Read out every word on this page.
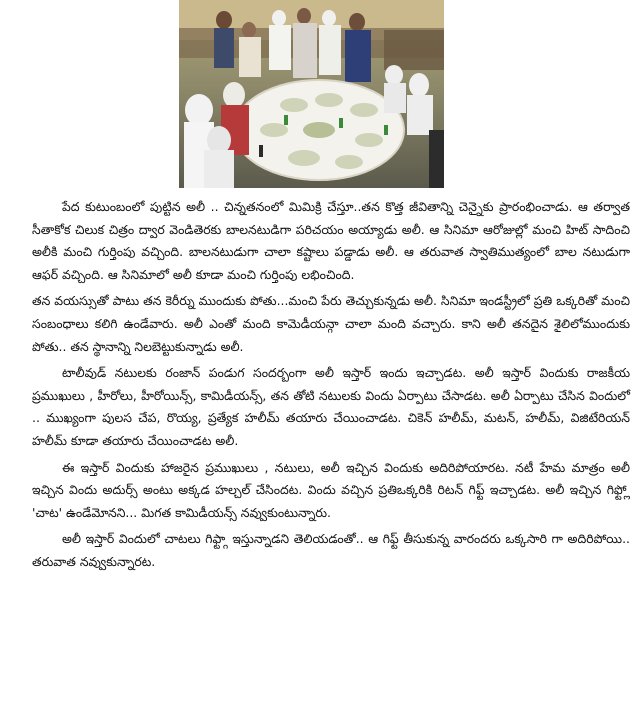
పేద కుటుంబంలో పుట్టిన అలీ .. చిన్నతనంలో మిమిక్రి చేస్తూ..తన కొత్త జీవితాన్ని చెన్నైకు ప్రారంభించాడు. ఆ తర్వాత సీతాకోక చిలుక చిత్రం ద్వార వెండితెరకు బాలనటుడిగా పరిచయం అయ్యాడు అలీ. ఆ సినిమా ఆరోజుల్లో మంచి హిట్ సాదించి అలీకి మంచి గుర్తింపు వచ్చింది. బాలనటుడుగా చాలా కష్టాలు పడ్డాడు అలీ. ఆ తరువాత స్వాతిముత్యంలో బాల నటుడుగా ఆఫర్ వచ్చింది. ఆ సినిమాలో అలీ కూడా మంచి గుర్తింపు లభించింది.

తన వయస్సుతో పాటు తన కెరీర్ను ముందుకు పోతు...మంచి పేరు తెచ్చుకున్నడు అలీ. సినిమా ఇండస్ట్రీలో ప్రతి ఒక్కరితో మంచి సంబంధాలు కలిగి ఉండేవారు. అలీ ఎంతో మంది కామెడీయన్గా చాలా మంది వచ్చారు. కాని అలీ తనదైన శైలిలోముందుకు పోతు.. తన స్థానాన్ని నిలబెట్టుకున్నాడు అలీ.

టాలీవుడ్ నటులకు రంజాన్ పండుగ సందర్బంగా అలీ ఇస్తార్ ఇందు ఇచ్చాడట. అలీ ఇస్తార్ విందుకు రాజకీయ ప్రముఖులు , హీరోలు, హీరోయిన్స్, కామిడీయన్స్, తన తోటి నటులకు విందు ఏర్పాటు చేసాడట. అలీ ఏర్పాటు చేసిన విందులో .. ముఖ్యంగా పులస చేప, రొయ్య, ప్రత్యేక హలీమ్ తయారు చేయించాడట. చికెన్ హలీమ్, మటన్, హలీమ్, విజిటేరియన్ హలీమ్ కూడా తయారు చేయించాడట అలీ.

ఈ ఇస్తార్ విందుకు హాజరైన ప్రముఖులు , నటులు, అలీ ఇచ్చిన విందుకు అదిరిపోయారట. నటీ హేమ మాత్రం అలీ ఇచ్చిన విందు అదుర్స్ అంటు అక్కడ హల్చల్ చేసిందట. విందు వచ్చిన ప్రతిఒక్కరికి రిటన్ గిఫ్ట్ ఇచ్చాడట. అలీ ఇచ్చిన గిఫ్ట్లో 'చాట' ఉండేమోనని... మిగత కామిడీయన్స్ నవ్వుకుంటున్నారు.

అలీ ఇస్తార్ విందులో చాటలు గిఫ్ట్గా ఇస్తున్నాడని తెలియడంతో.. ఆ గిఫ్ట్ తీసుకున్న వారందరు ఒక్కసారి గా అదిరిపోయి.. తరువాత నవ్వుకున్నారట.
